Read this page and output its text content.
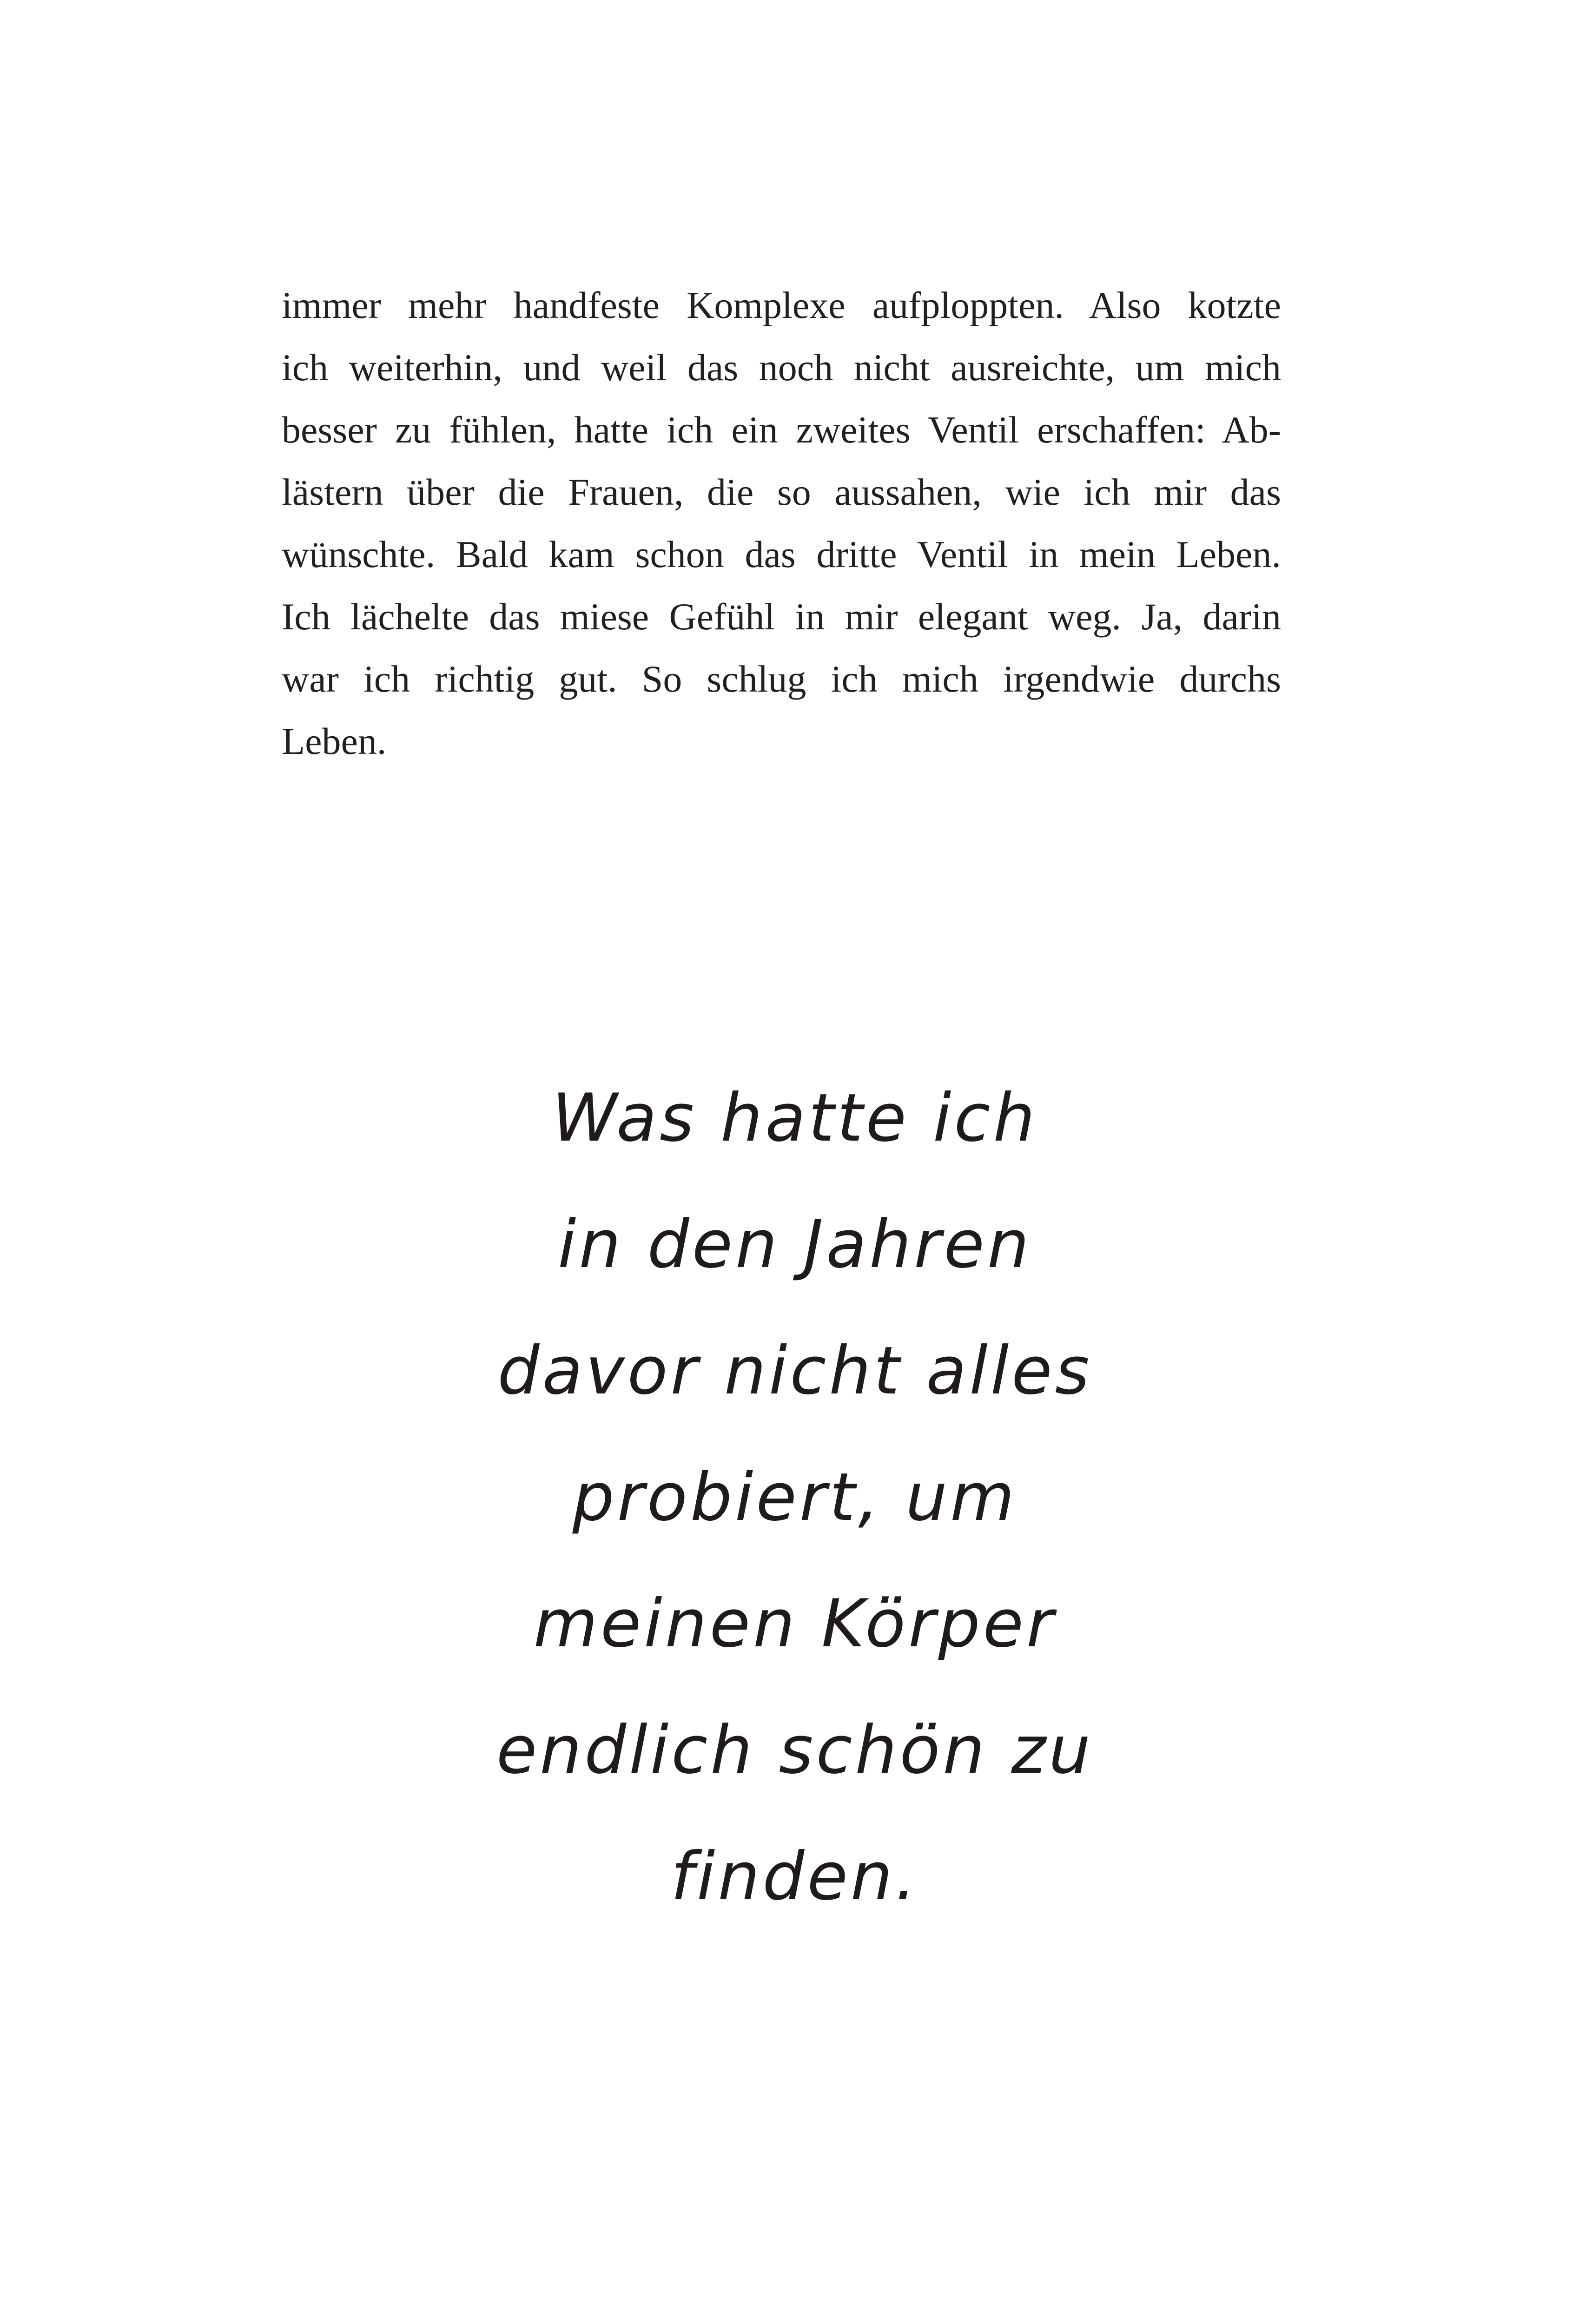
immer mehr handfeste Komplexe aufploppten. Also kotzte
ich weiterhin, und weil das noch nicht ausreichte, um mich
besser zu fühlen, hatte ich ein zweites Ventil erschaffen: Ab-
lästern über die Frauen, die so aussahen, wie ich mir das
wünschte. Bald kam schon das dritte Ventil in mein Leben.
Ich lächelte das miese Gefühl in mir elegant weg. Ja, darin
war ich richtig gut. So schlug ich mich irgendwie durchs
Leben.
Was hatte ich
in den Jahren
davor nicht alles
probiert, um
meinen Körper
endlich schön zu
finden.
